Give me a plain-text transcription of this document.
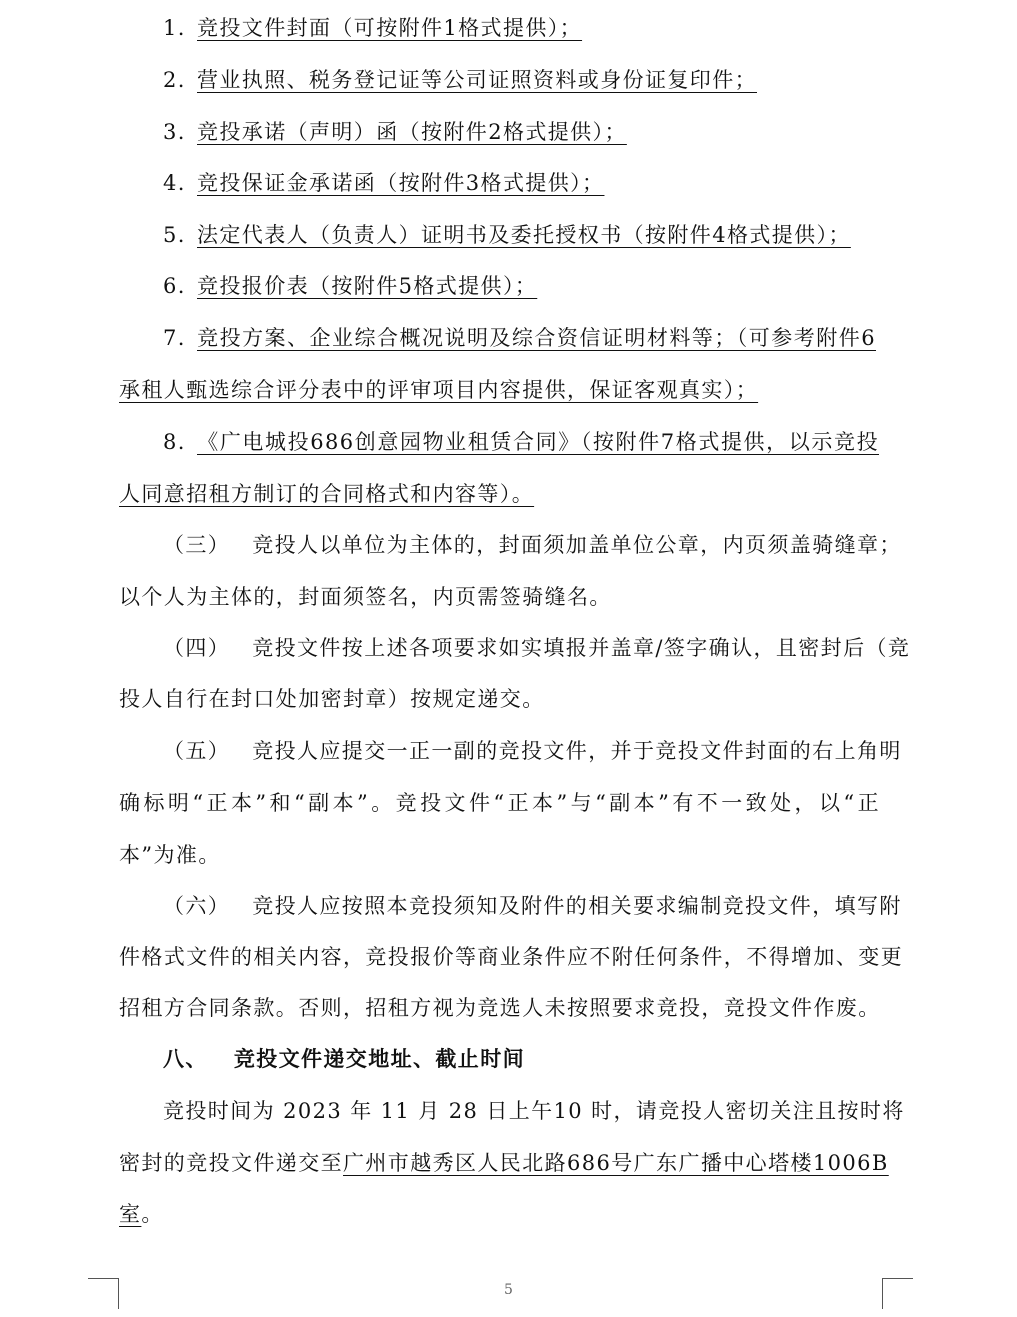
1. 竞投文件封面（可按附件1格式提供）；
2. 营业执照、税务登记证等公司证照资料或身份证复印件；
3. 竞投承诺（声明）函（按附件2格式提供）；
4. 竞投保证金承诺函（按附件3格式提供）；
5. 法定代表人（负责人）证明书及委托授权书（按附件4格式提供）；
6. 竞投报价表（按附件5格式提供）；
7. 竞投方案、企业综合概况说明及综合资信证明材料等；（可参考附件6
承租人甄选综合评分表中的评审项目内容提供，保证客观真实）；
8. 《广电城投686创意园物业租赁合同》（按附件7格式提供，以示竞投
人同意招租方制订的合同格式和内容等）。
（三） 竞投人以单位为主体的，封面须加盖单位公章，内页须盖骑缝章；
以个人为主体的，封面须签名，内页需签骑缝名。
（四） 竞投文件按上述各项要求如实填报并盖章/签字确认，且密封后（竞
投人自行在封口处加密封章）按规定递交。
（五） 竞投人应提交一正一副的竞投文件，并于竞投文件封面的右上角明
确标明“正本”和“副本”。竞投文件“正本”与“副本”有不一致处，以“正
本”为准。
（六） 竞投人应按照本竞投须知及附件的相关要求编制竞投文件，填写附
件格式文件的相关内容，竞投报价等商业条件应不附任何条件，不得增加、变更
招租方合同条款。否则，招租方视为竞选人未按照要求竞投，竞投文件作废。
八、 竞投文件递交地址、截止时间
竞投时间为 2023 年 11 月 28 日上午10 时，请竞投人密切关注且按时将
密封的竞投文件递交至广州市越秀区人民北路686号广东广播中心塔楼1006B
室。
5
